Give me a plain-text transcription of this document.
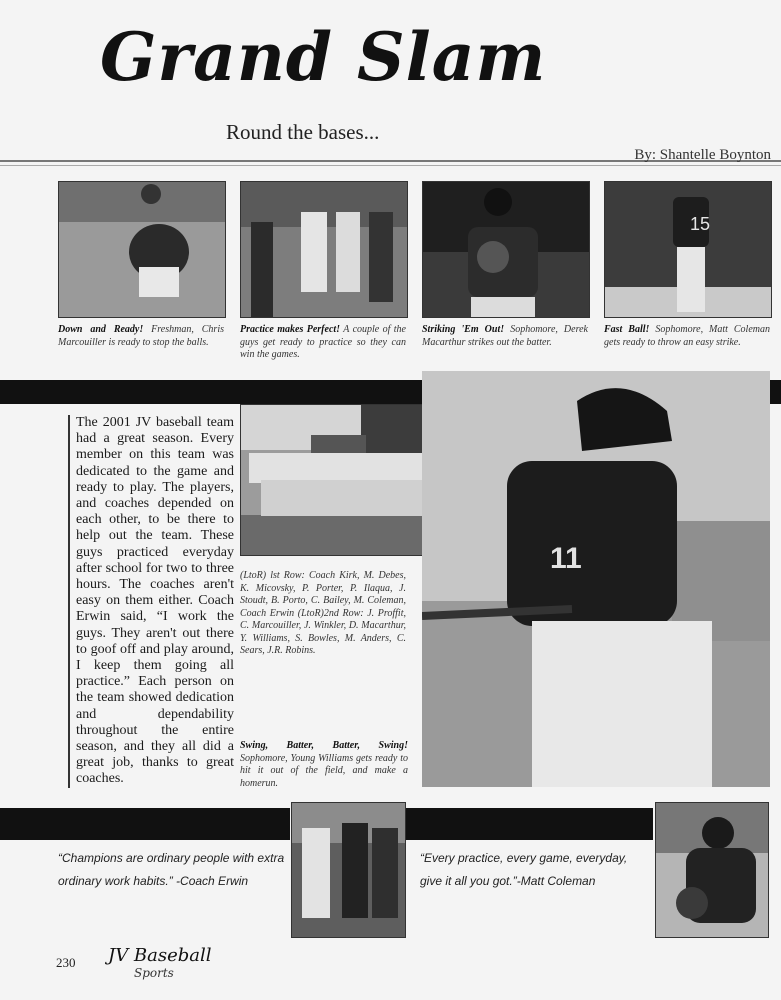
Grand Slam
Round the bases...
By: Shantelle Boynton
15
Down and Ready! Freshman, Chris Marcouiller is ready to stop the balls.
Practice makes Perfect! A couple of the guys get ready to practice so they can win the games.
Striking 'Em Out! Sophomore, Derek Macarthur strikes out the batter.
Fast Ball! Sophomore, Matt Coleman gets ready to throw an easy strike.
The 2001 JV baseball team had a great season. Every member on this team was dedicated to the game and ready to play. The players, and coaches depended on each other, to be there to help out the team. These guys practiced everyday after school for two to three hours. The coaches aren't easy on them either. Coach Erwin said, “I work the guys. They aren't out there to goof off and play around, I keep them going all practice.” Each person on the team showed dedication and dependability throughout the entire season, and they all did a great job, thanks to great coaches.
(LtoR) lst Row: Coach Kirk, M. Debes, K. Micovsky, P. Porter, P. Ilaqua, J. Stoudt, B. Porto, C. Bailey, M. Coleman, Coach Erwin (LtoR)2nd Row: J. Proffit, C. Marcouiller, J. Winkler, D. Macarthur, Y. Williams, S. Bowles, M. Anders, C. Sears, J.R. Robins.
11
Swing, Batter, Batter, Swing! Sophomore, Young Williams gets ready to hit it out of the field, and make a homerun.
“Champions are ordinary people with extra ordinary work habits.” -Coach Erwin
“Every practice, every game, everyday, give it all you got.”-Matt Coleman
230 JV Baseball
Sports
